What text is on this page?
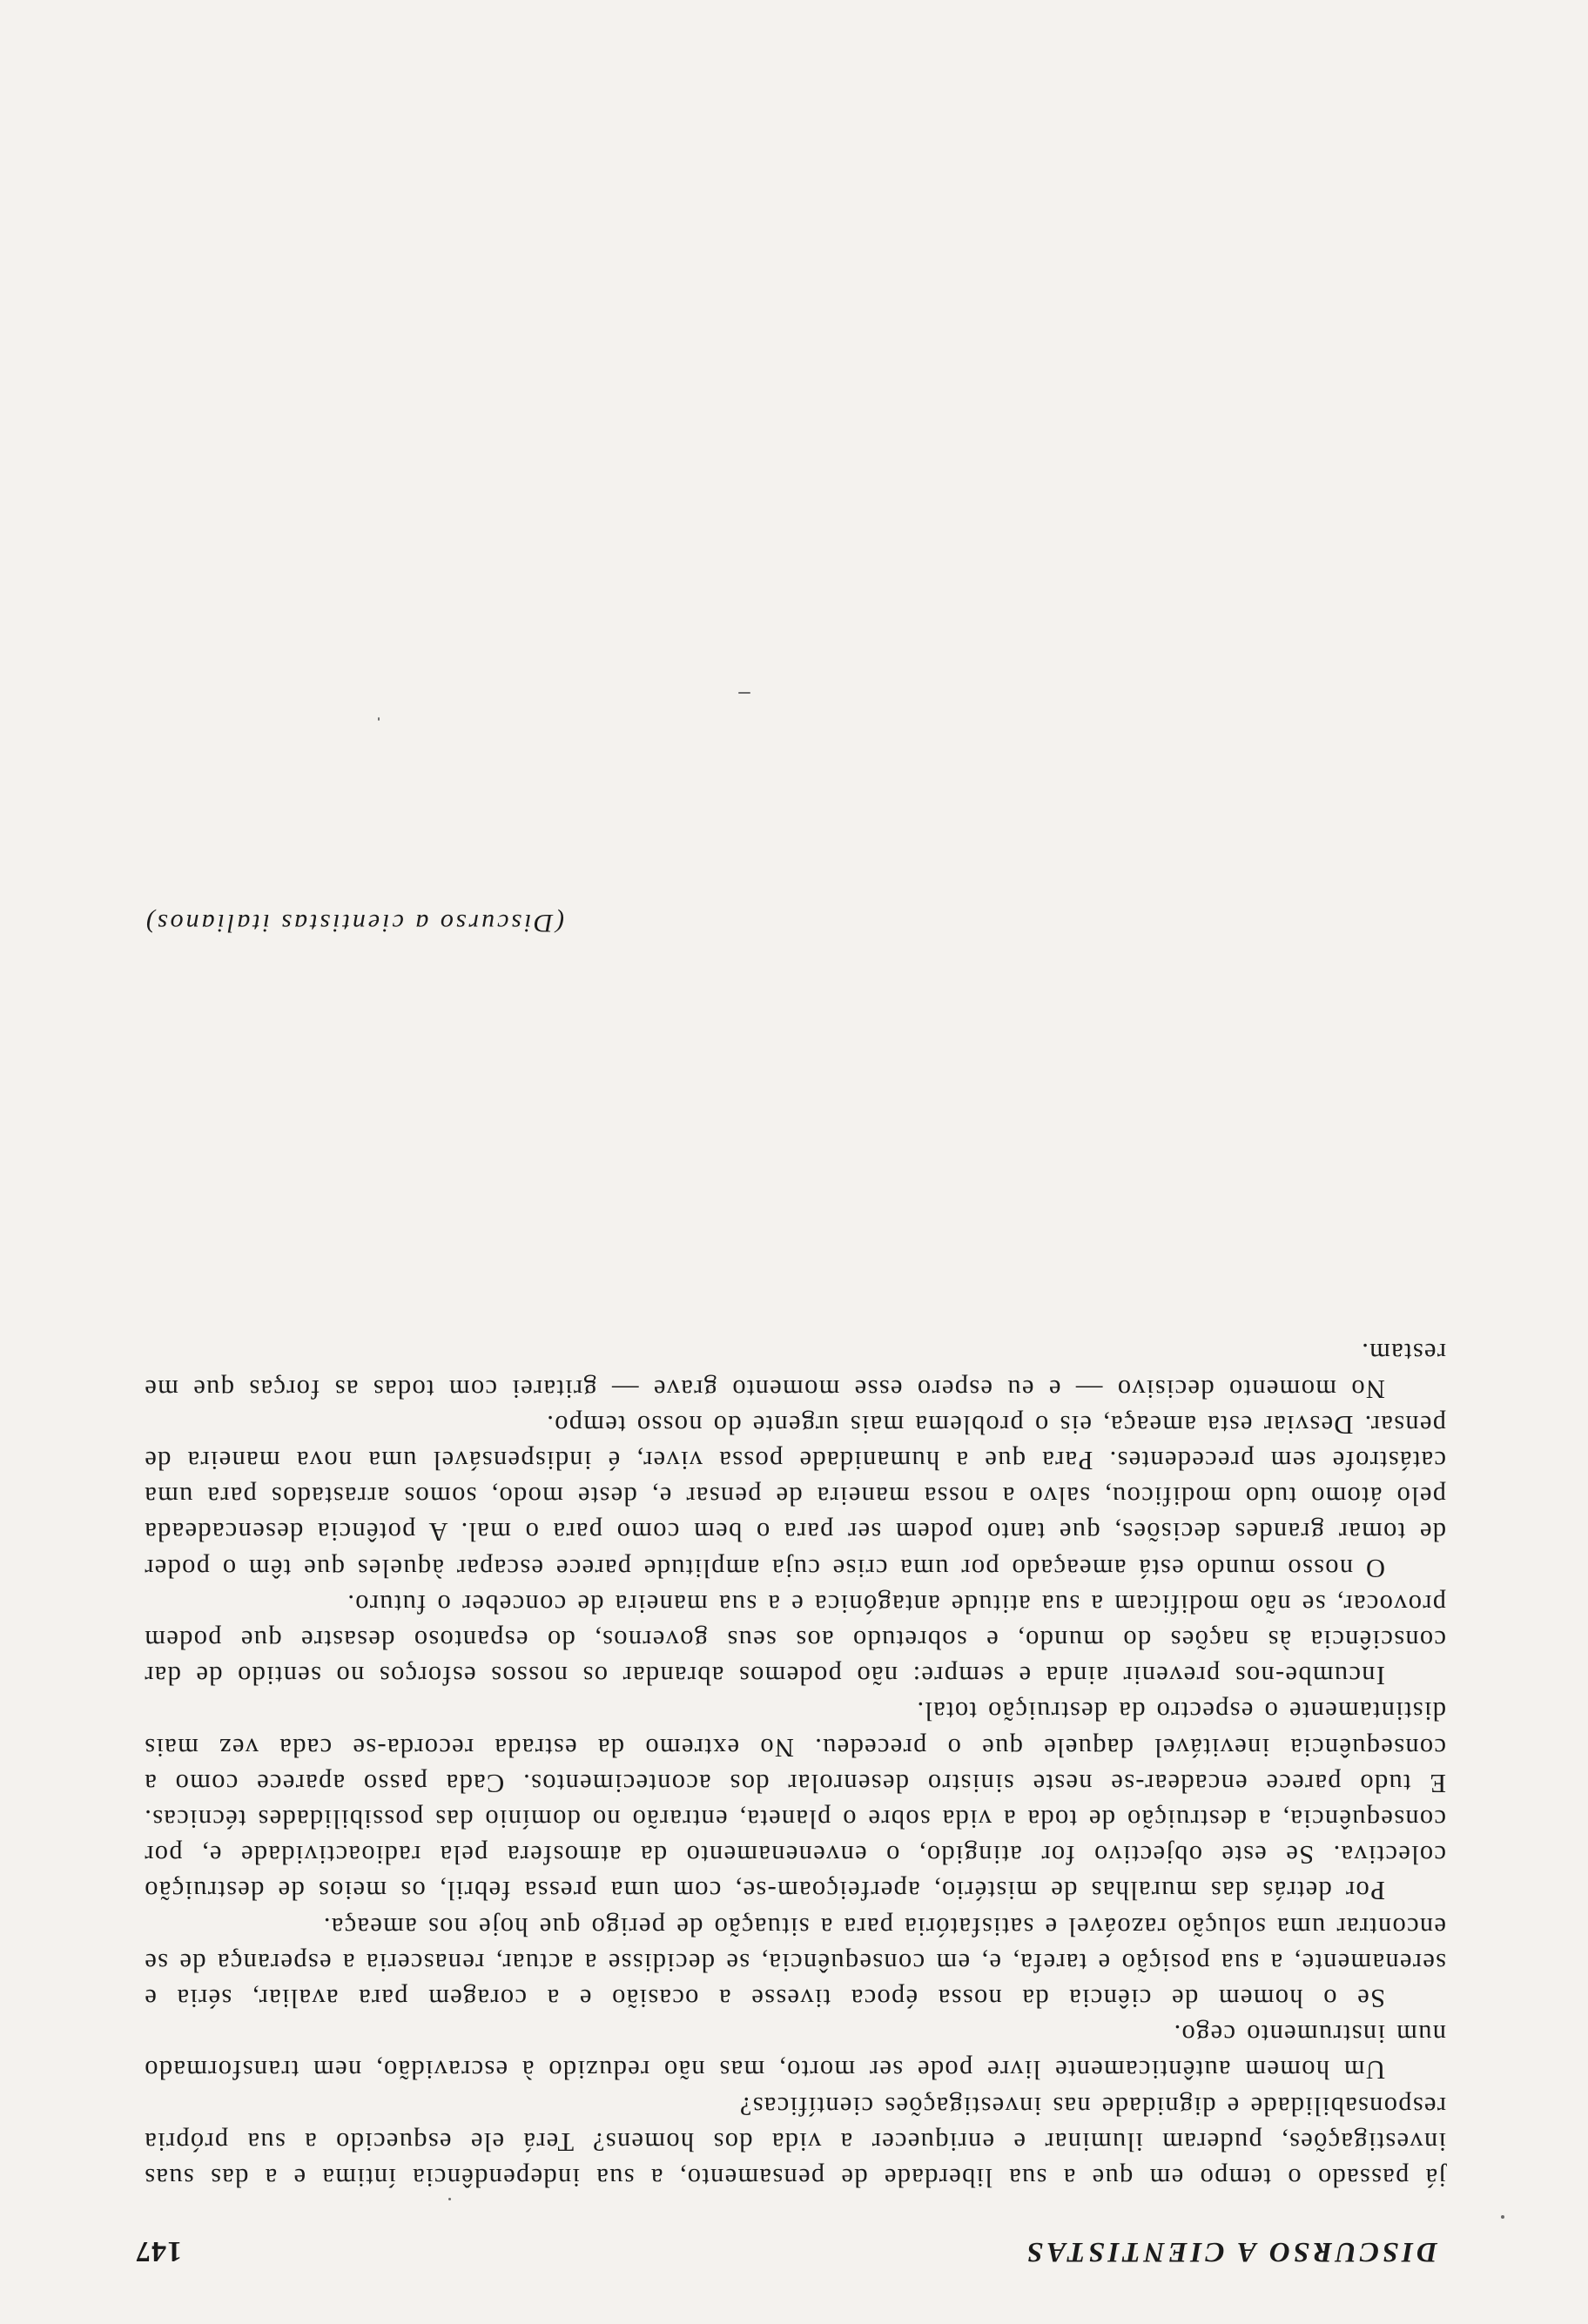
DISCURSO A CIENTISTAS
147

já passado o tempo em que a sua liberdade de pensamento, a sua independência íntima e a das suas investigações, puderam iluminar e enriquecer a vida dos homens? Terá ele esquecido a sua própria responsabilidade e dignidade nas investigações científicas?

Um homem autênticamente livre pode ser morto, mas não reduzido à escravidão, nem transformado num instrumento cego.

Se o homem de ciência da nossa época tivesse a ocasião e a coragem para avaliar, séria e serenamente, a sua posição e tarefa, e, em consequência, se decidisse a actuar, renasceria a esperança de se encontrar uma solução razoável e satisfatória para a situação de perigo que hoje nos ameaça.

Por detrás das muralhas de mistério, aperfeiçoam-se, com uma pressa febril, os meios de destruição colectiva. Se este objectivo for atingido, o envenenamento da atmosfera pela radioactividade e, por consequência, a destruição de toda a vida sobre o planeta, entrarão no domínio das possibilidades técnicas. E tudo parece encadear-se neste sinistro desenrolar dos acontecimentos. Cada passo aparece como a consequência inevitável daquele que o precedeu. No extremo da estrada recorda-se cada vez mais distintamente o espectro da destruição total.

Incumbe-nos prevenir ainda e sempre: não podemos abrandar os nossos esforços no sentido de dar consciência às nações do mundo, e sobretudo aos seus governos, do espantoso desastre que podem provocar, se não modificam a sua atitude antagónica e a sua maneira de conceber o futuro.

O nosso mundo está ameaçado por uma crise cuja amplitude parece escapar àqueles que têm o poder de tomar grandes decisões, que tanto podem ser para o bem como para o mal. A potência desencadeada pelo átomo tudo modificou, salvo a nossa maneira de pensar e, deste modo, somos arrastados para uma catástrofe sem precedentes. Para que a humanidade possa viver, é indispensável uma nova maneira de pensar. Desviar esta ameaça, eis o problema mais urgente do nosso tempo.

No momento decisivo — e eu espero esse momento grave — gritarei com todas as forças que me restam.

(Discurso a cientistas italianos)
